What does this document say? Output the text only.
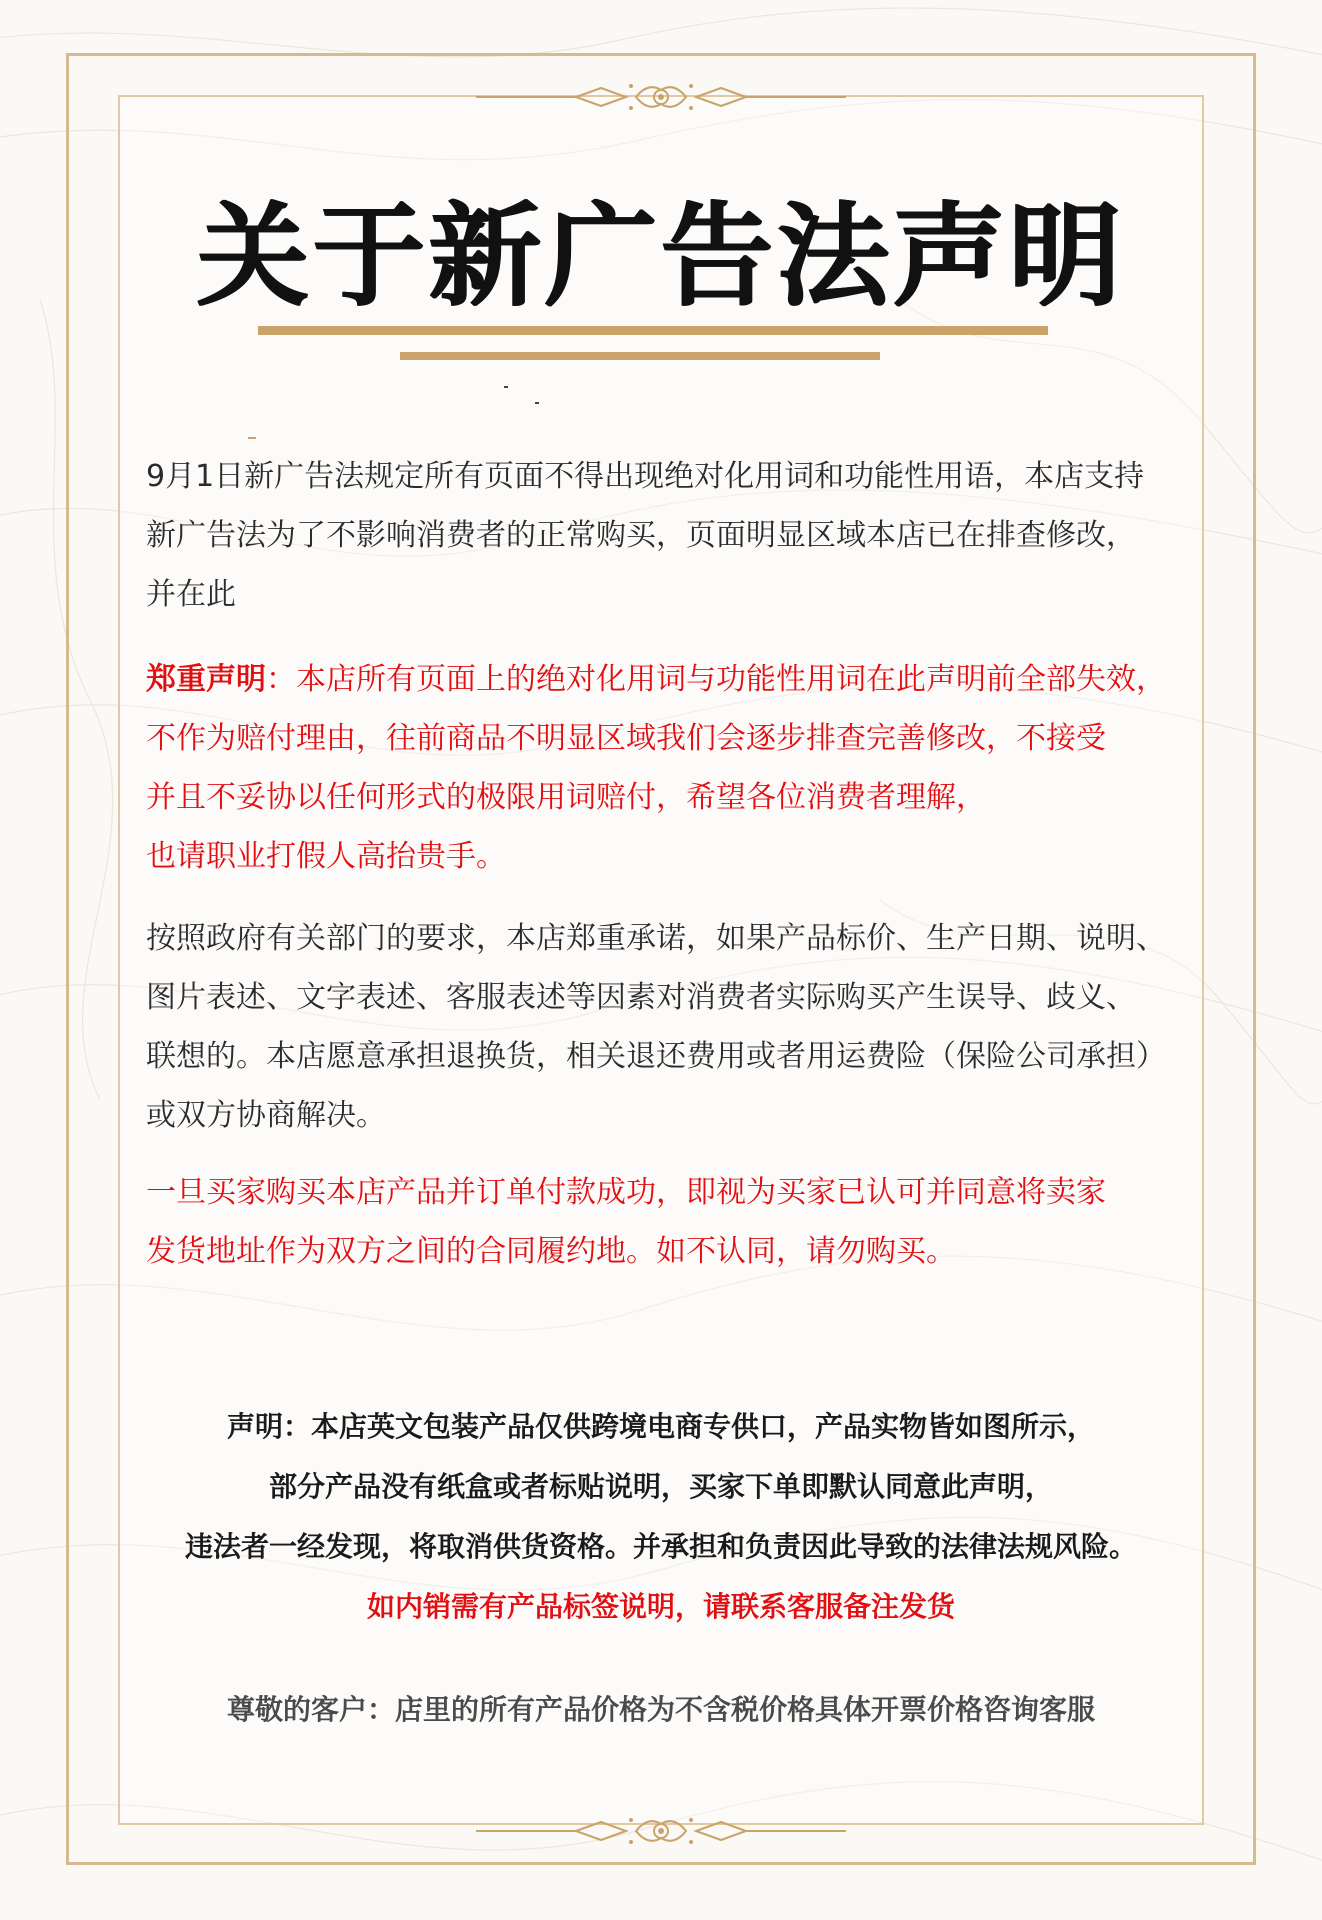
关于新广告法声明
9月1日新广告法规定所有页面不得出现绝对化用词和功能性用语，本店支持
新广告法为了不影响消费者的正常购买，页面明显区域本店已在排查修改，
并在此
郑重声明：本店所有页面上的绝对化用词与功能性用词在此声明前全部失效，
不作为赔付理由，往前商品不明显区域我们会逐步排查完善修改，不接受
并且不妥协以任何形式的极限用词赔付，希望各位消费者理解，
也请职业打假人高抬贵手。
按照政府有关部门的要求，本店郑重承诺，如果产品标价、生产日期、说明、
图片表述、文字表述、客服表述等因素对消费者实际购买产生误导、歧义、
联想的。本店愿意承担退换货，相关退还费用或者用运费险（保险公司承担）
或双方协商解决。
一旦买家购买本店产品并订单付款成功，即视为买家已认可并同意将卖家
发货地址作为双方之间的合同履约地。如不认同，请勿购买。
声明：本店英文包装产品仅供跨境电商专供口，产品实物皆如图所示，
部分产品没有纸盒或者标贴说明，买家下单即默认同意此声明，
违法者一经发现，将取消供货资格。并承担和负责因此导致的法律法规风险。
如内销需有产品标签说明，请联系客服备注发货
尊敬的客户：店里的所有产品价格为不含税价格具体开票价格咨询客服
